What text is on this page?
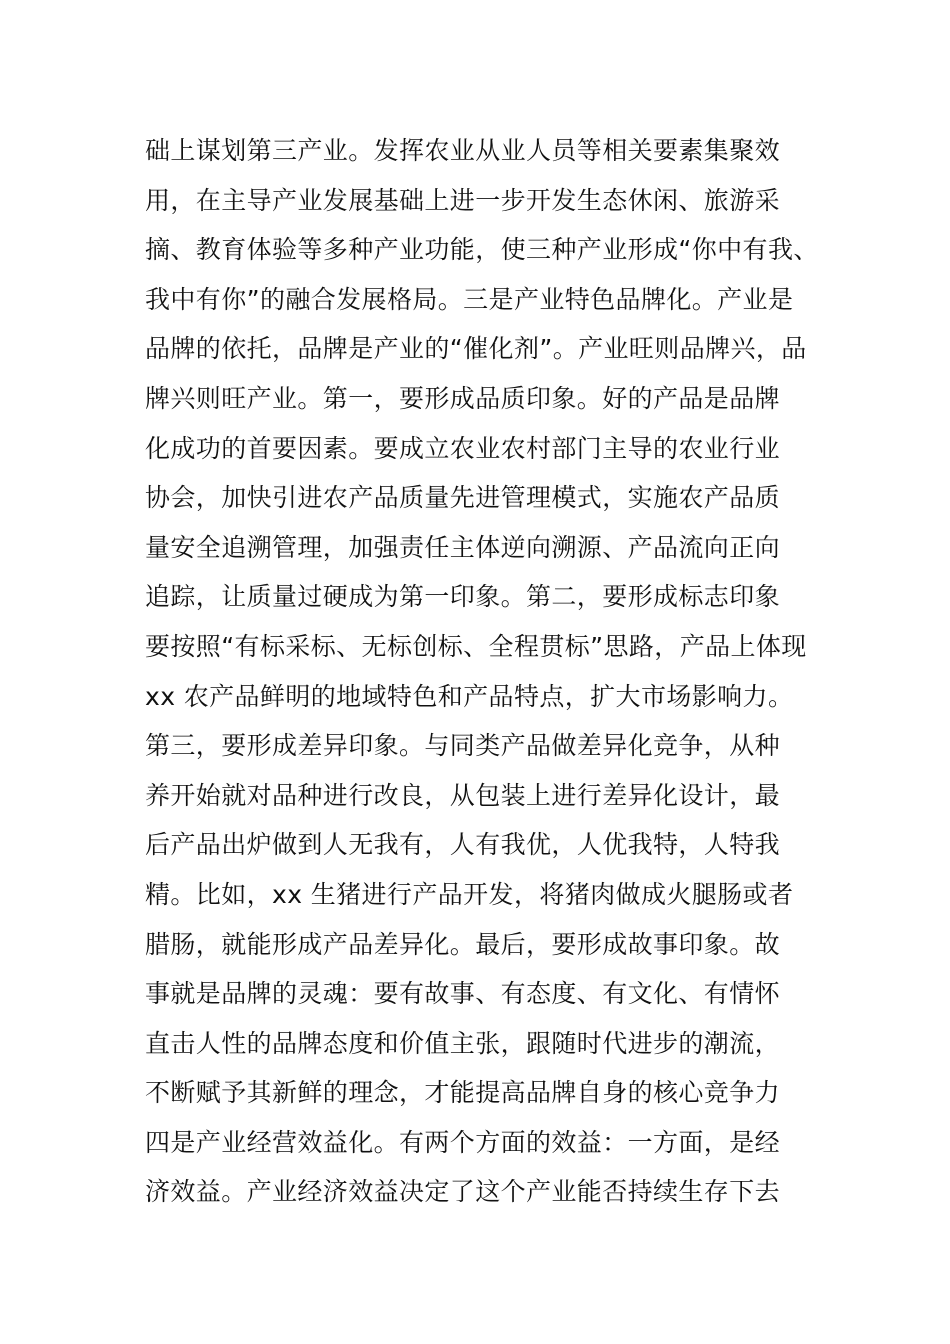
础上谋划第三产业。发挥农业从业人员等相关要素集聚效
用，在主导产业发展基础上进一步开发生态休闲、旅游采
摘、教育体验等多种产业功能，使三种产业形成“你中有我、
我中有你”的融合发展格局。三是产业特色品牌化。产业是
品牌的依托，品牌是产业的“催化剂”。产业旺则品牌兴，品
牌兴则旺产业。第一，要形成品质印象。好的产品是品牌
化成功的首要因素。要成立农业农村部门主导的农业行业
协会，加快引进农产品质量先进管理模式，实施农产品质
量安全追溯管理，加强责任主体逆向溯源、产品流向正向
追踪，让质量过硬成为第一印象。第二，要形成标志印象
要按照“有标采标、无标创标、全程贯标”思路，产品上体现
xx 农产品鲜明的地域特色和产品特点，扩大市场影响力。
第三，要形成差异印象。与同类产品做差异化竞争，从种
养开始就对品种进行改良，从包装上进行差异化设计，最
后产品出炉做到人无我有，人有我优，人优我特，人特我
精。比如，xx 生猪进行产品开发，将猪肉做成火腿肠或者
腊肠，就能形成产品差异化。最后，要形成故事印象。故
事就是品牌的灵魂：要有故事、有态度、有文化、有情怀
直击人性的品牌态度和价值主张，跟随时代进步的潮流，
不断赋予其新鲜的理念，才能提高品牌自身的核心竞争力
四是产业经营效益化。有两个方面的效益：一方面，是经
济效益。产业经济效益决定了这个产业能否持续生存下去
